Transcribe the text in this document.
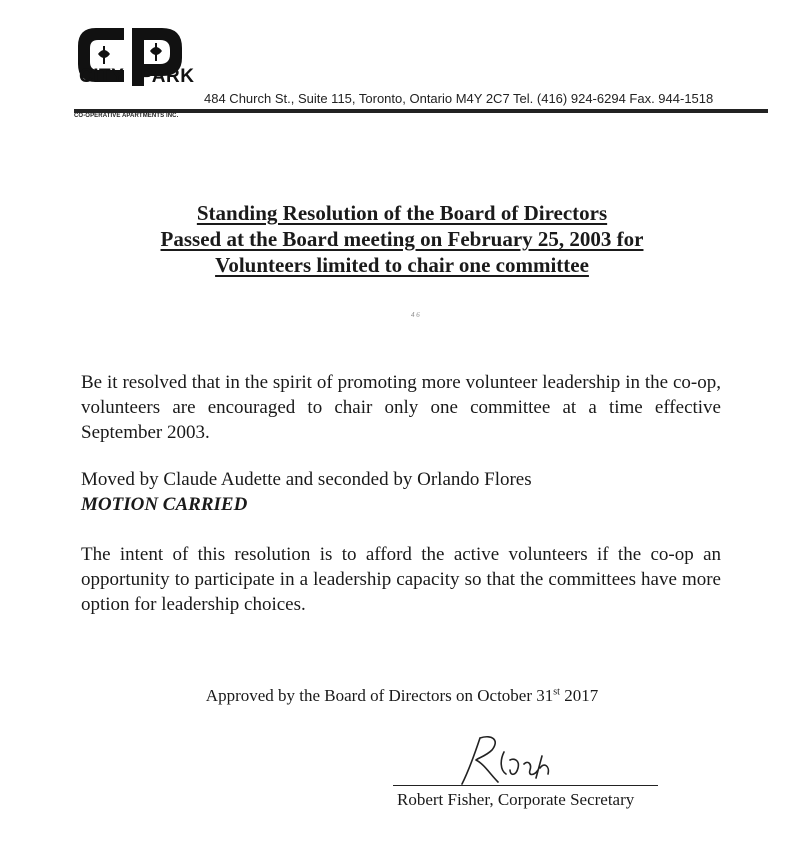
CITY PARK
CO-OPERATIVE APARTMENTS INC.
484 Church St., Suite 115, Toronto, Ontario M4Y 2C7 Tel. (416) 924-6294 Fax. 944-1518
Standing Resolution of the Board of Directors
Passed at the Board meeting on February 25, 2003 for
Volunteers limited to chair one committee
4 6
Be it resolved that in the spirit of promoting more volunteer leadership in the co-op, volunteers are encouraged to chair only one committee at a time effective September 2003.
Moved by Claude Audette and seconded by Orlando Flores
MOTION CARRIED
The intent of this resolution is to afford the active volunteers if the co-op an opportunity to participate in a leadership capacity so that the committees have more option for leadership choices.
Approved by the Board of Directors on October 31st 2017
Robert Fisher, Corporate Secretary
